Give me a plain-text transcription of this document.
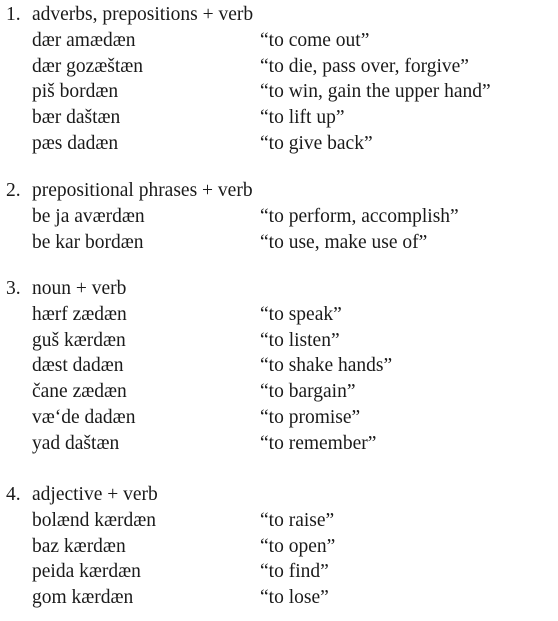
1. adverbs, prepositions + verb
dær amædæn	“to come out”
dær gozæštæn	“to die, pass over, forgive”
piš bordæn	“to win, gain the upper hand”
bær daštæn	“to lift up”
pæs dadæn	“to give back”
2. prepositional phrases + verb
be ja aværdæn	“to perform, accomplish”
be kar bordæn	“to use, make use of”
3. noun + verb
hærf zædæn	“to speak”
guš kærdæn	“to listen”
dæst dadæn	“to shake hands”
čane zædæn	“to bargain”
væ‘de dadæn	“to promise”
yad daštæn	“to remember”
4. adjective + verb
bolænd kærdæn	“to raise”
baz kærdæn	“to open”
peida kærdæn	“to find”
gom kærdæn	“to lose”
